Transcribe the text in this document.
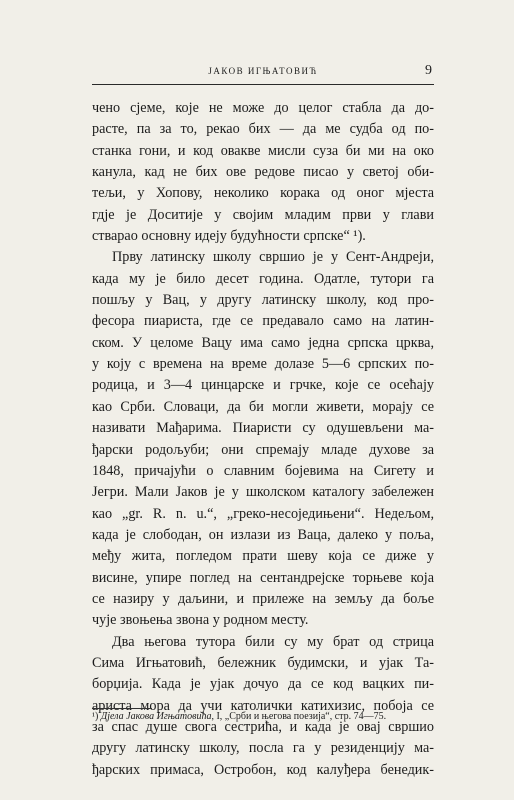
ЈАКОВ ИГЊАТОВИЋ	9
чено сјеме, које не може до целог стабла да до-
расте, па за то, рекао бих — да ме судба од по-
станка гони, и код овакве мисли суза би ми на око
канула, кад не бих ове редове писао у светој оби-
тељи, у Хопову, неколико корака од оног мјеста
гдје је Доситије у својим младим први у глави
стварао основну идеју будућности српске“ ¹).
Прву латинску школу свршио је у Сент-Андреји,
када му је било десет година. Одатле, тутори га
пошљу у Вац, у другу латинску школу, код про-
фесора пиариста, где се предавало само на латин-
ском. У целоме Вацу има само једна српска црква,
у коју с времена на време долазе 5—6 српских по-
родица, и 3—4 цинцарске и грчке, које се осећају
као Срби. Словаци, да би могли живети, морају се
називати Мађарима. Пиаристи су одушевљени ма-
ђарски родољуби; они спремају младе духове за
1848, причајући о славним бојевима на Сигету и
Јегри. Мали Јаков је у школском каталогу забележен
као „gr. R. n. u.“, „греко-несоједињени“. Недељом,
када је слободан, он излази из Ваца, далеко у поља,
међу жита, погледом прати шеву која се диже у
висине, упире поглед на сентандрејске торњеве која
се назиру у даљини, и прилеже на земљу да боље
чује звоњења звона у родном месту.
Два његова тутора били су му брат од стрица
Сима Игњатовић, бележник будимски, и ујак Та-
борџија. Када је ујак дочуо да се код вацких пи-
ариста мора да учи католички катихизис, побоја се
за спас душе свога сестрића, и када је овај свршио
другу латинску школу, посла га у резиденцију ма-
ђарских примаса, Остробон, код калуђера бенедик-
¹) Дјела Јакова Игњатовића, I, „Срби и његова поезија“, стр. 74—75.
